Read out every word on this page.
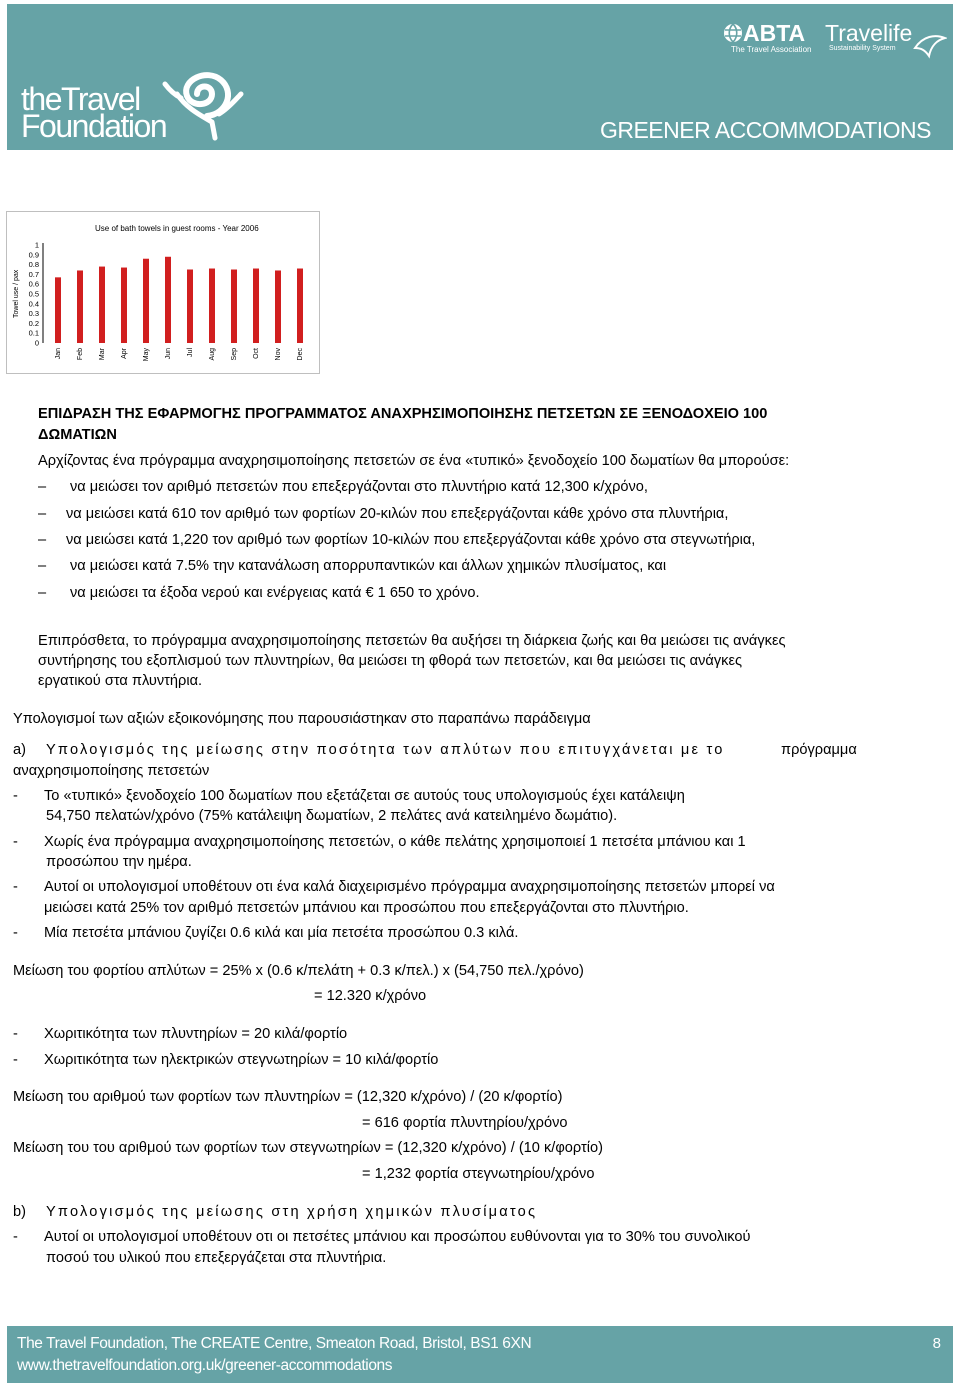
theTravel
Foundation
ABTA
The Travel Association
Travelife
Sustainability System
GREENER ACCOMMODATIONS
Use of bath towels in guest rooms - Year 2006
Towel use / pax
0
0.1
0.2
0.3
0.4
0.5
0.6
0.7
0.8
0.9
1
Jan Feb Mar Apr May Jun Jul Aug Sep Oct Nov Dec
ΕΠΙΔΡΑΣΗ ΤΗΣ ΕΦΑΡΜΟΓΗΣ ΠΡΟΓΡΑΜΜΑΤΟΣ ΑΝΑΧΡΗΣΙΜΟΠΟΙΗΣΗΣ ΠΕΤΣΕΤΩΝ ΣΕ ΞΕΝΟΔΟΧΕΙΟ 100
ΔΩΜΑΤΙΩΝ
Αρχίζοντας ένα πρόγραμμα αναχρησιμοποίησης πετσετών σε ένα «τυπικό» ξενοδοχείο 100 δωματίων θα μπορούσε:
– να μειώσει τον αριθμό πετσετών που επεξεργάζονται στο πλυντήριο κατά 12,300 κ/χρόνο,
– να μειώσει κατά 610 τον αριθμό των φορτίων 20-κιλών που επεξεργάζονται κάθε χρόνο στα πλυντήρια,
– να μειώσει κατά 1,220 τον αριθμό των φορτίων 10-κιλών που επεξεργάζονται κάθε χρόνο στα στεγνωτήρια,
– να μειώσει κατά 7.5% την κατανάλωση απορρυπαντικών και άλλων χημικών πλυσίματος, και
– να μειώσει τα έξοδα νερού και ενέργειας κατά € 1 650 το χρόνο.
Επιπρόσθετα, το πρόγραμμα αναχρησιμοποίησης πετσετών θα αυξήσει τη διάρκεια ζωής και θα μειώσει τις ανάγκες
συντήρησης του εξοπλισμού των πλυντηρίων, θα μειώσει τη φθορά των πετσετών, και θα μειώσει τις ανάγκες
εργατικού στα πλυντήρια.
Υπολογισμοί των αξιών εξοικονόμησης που παρουσιάστηκαν στο παραπάνω παράδειγμα
a) Υπολογισμός της μείωσης στην ποσότητα των απλύτων που επιτυγχάνεται με το	πρόγραμμα
αναχρησιμοποίησης πετσετών
- Το «τυπικό» ξενοδοχείο 100 δωματίων που εξετάζεται σε αυτούς τους υπολογισμούς έχει κατάλειψη
54,750 πελατών/χρόνο (75% κατάλειψη δωματίων, 2 πελάτες ανά κατειλημένο δωμάτιο).
- Χωρίς ένα πρόγραμμα αναχρησιμοποίησης πετσετών, ο κάθε πελάτης χρησιμοποιεί 1 πετσέτα μπάνιου και 1
προσώπου την ημέρα.
- Αυτοί οι υπολογισμοί υποθέτουν οτι ένα καλά διαχειρισμένο πρόγραμμα αναχρησιμοποίησης πετσετών μπορεί να
μειώσει κατά 25% τον αριθμό πετσετών μπάνιου και προσώπου που επεξεργάζονται στο πλυντήριο.
- Μία πετσέτα μπάνιου ζυγίζει 0.6 κιλά και μία πετσέτα προσώπου 0.3 κιλά.
Μείωση του φορτίου απλύτων = 25% x (0.6 κ/πελάτη + 0.3 κ/πελ.) x (54,750 πελ./χρόνο)
= 12.320 κ/χρόνο
- Χωριτικότητα των πλυντηρίων = 20 κιλά/φορτίο
- Χωριτικότητα των ηλεκτρικών στεγνωτηρίων = 10 κιλά/φορτίο
Μείωση του αριθμού των φορτίων των πλυντηρίων = (12,320 κ/χρόνο) / (20 κ/φορτίο)
= 616 φορτία πλυντηρίου/χρόνο
Μείωση του του αριθμού των φορτίων των στεγνωτηρίων = (12,320 κ/χρόνο) / (10 κ/φορτίο)
= 1,232 φορτία στεγνωτηρίου/χρόνο
b) Υπολογισμός της μείωσης στη χρήση χημικών πλυσίματος
- Αυτοί οι υπολογισμοί υποθέτουν οτι οι πετσέτες μπάνιου και προσώπου ευθύνονται για το 30% του συνολικού
ποσού του υλικού που επεξεργάζεται στα πλυντήρια.
The Travel Foundation, The CREATE Centre, Smeaton Road, Bristol, BS1 6XN
www.thetravelfoundation.org.uk/greener-accommodations
8
